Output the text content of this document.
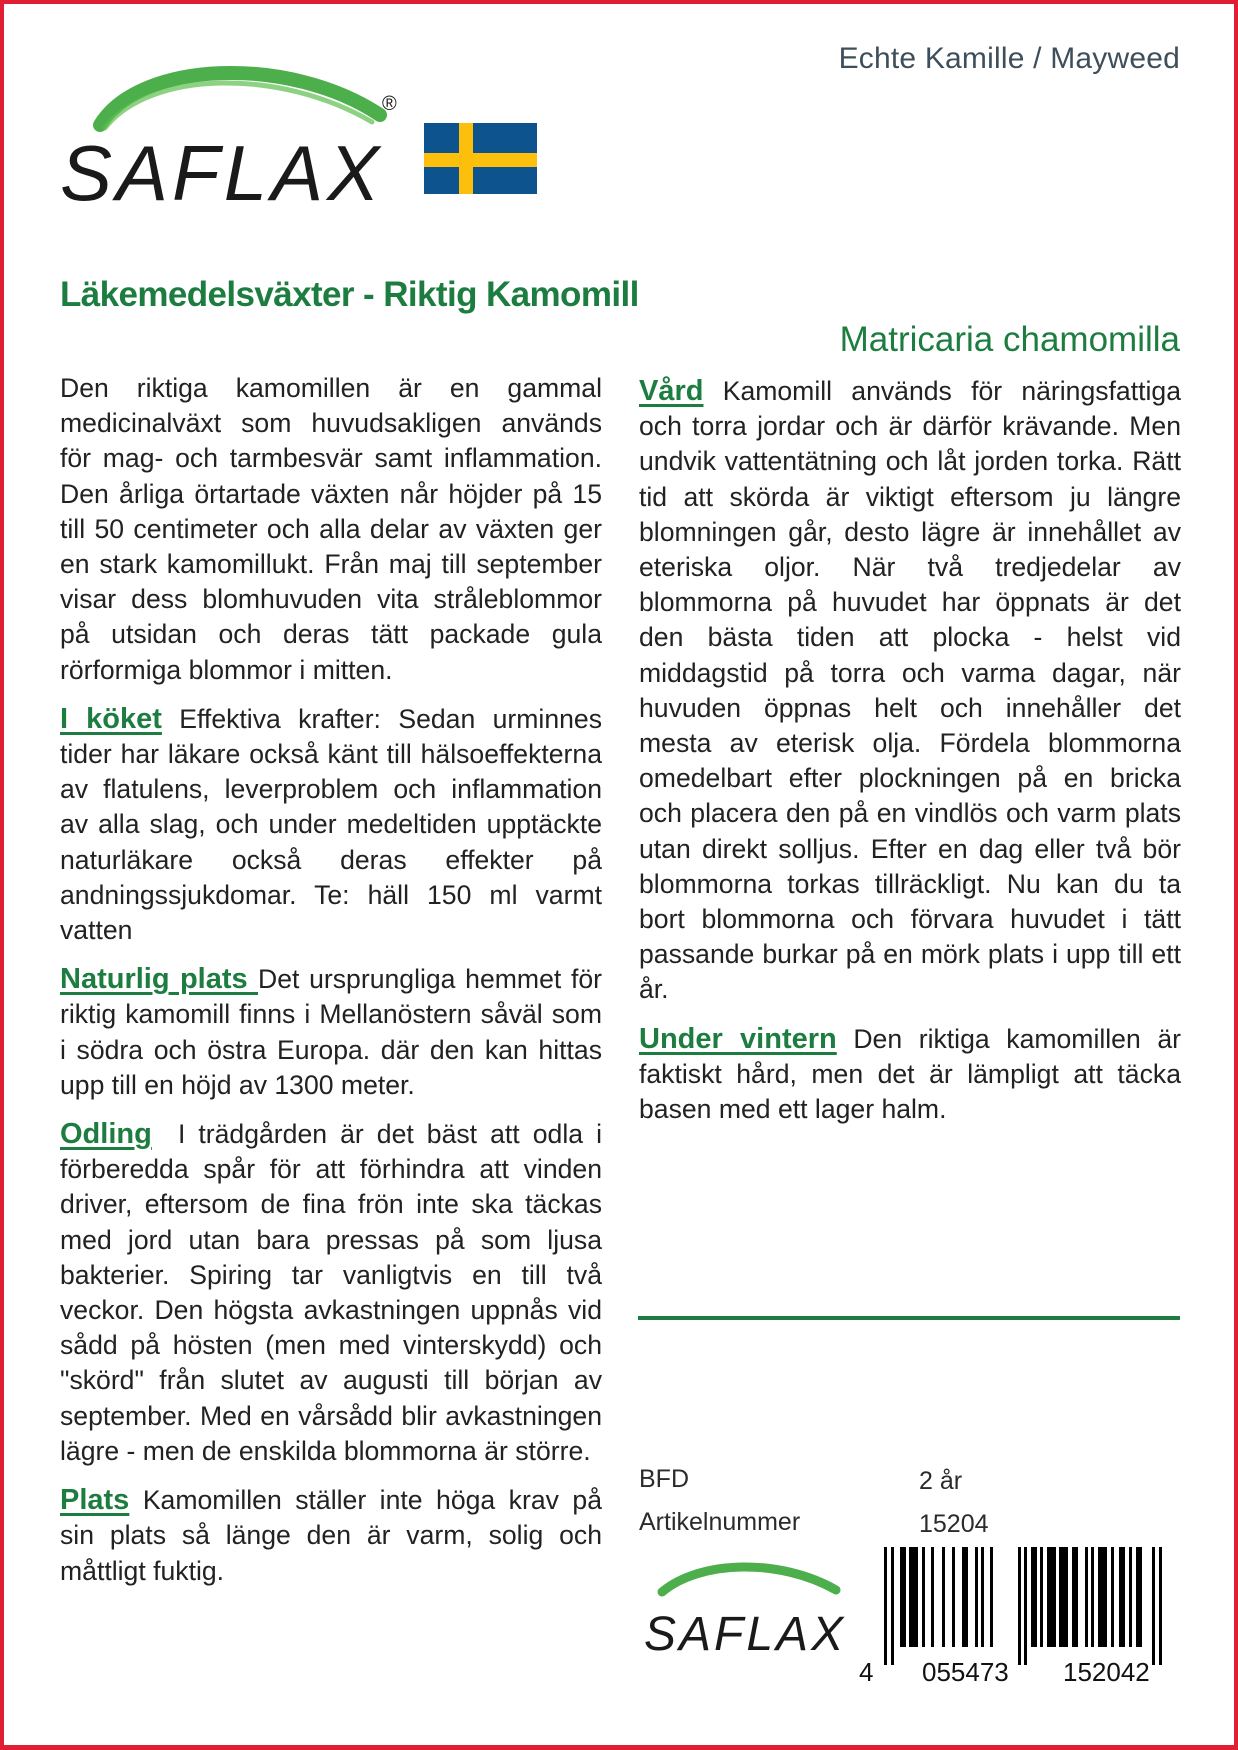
SAFLAX
®
Echte Kamille / Mayweed
Läkemedelsväxter - Riktig Kamomill
Matricaria chamomilla

Den riktiga kamomillen är en gammal medicinalväxt som huvudsakligen används för mag- och tarmbesvär samt inflammation. Den årliga örtartade växten når höjder på 15 till 50 centimeter och alla delar av växten ger en stark kamomillukt. Från maj till september visar dess blomhuvuden vita stråleblommor på utsidan och deras tätt packade gula rörformiga blommor i mitten.

I köket Effektiva krafter: Sedan urminnes tider har läkare också känt till hälsoeffekterna av flatulens, leverproblem och inflammation av alla slag, och under medeltiden upptäckte naturläkare också deras effekter på andningssjukdomar. Te: häll 150 ml varmt vatten

Naturlig plats Det ursprungliga hemmet för riktig kamomill finns i Mellanöstern såväl som i södra och östra Europa. där den kan hittas upp till en höjd av 1300 meter.

Odling  I trädgården är det bäst att odla i förberedda spår för att förhindra att vinden driver, eftersom de fina frön inte ska täckas med jord utan bara pressas på som ljusa bakterier. Spiring tar vanligtvis en till två veckor. Den högsta avkastningen uppnås vid sådd på hösten (men med vinterskydd) och "skörd" från slutet av augusti till början av september. Med en vårsådd blir avkastningen lägre - men de enskilda blommorna är större.

Plats Kamomillen ställer inte höga krav på sin plats så länge den är varm, solig och måttligt fuktig.

Vård Kamomill används för näringsfattiga och torra jordar och är därför krävande. Men undvik vattentätning och låt jorden torka. Rätt tid att skörda är viktigt eftersom ju längre blomningen går, desto lägre är innehållet av eteriska oljor. När två tredjedelar av blommorna på huvudet har öppnats är det den bästa tiden att plocka - helst vid middagstid på torra och varma dagar, när huvuden öppnas helt och innehåller det mesta av eterisk olja. Fördela blommorna omedelbart efter plockningen på en bricka och placera den på en vindlös och varm plats utan direkt solljus. Efter en dag eller två bör blommorna torkas tillräckligt. Nu kan du ta bort blommorna och förvara huvudet i tätt passande burkar på en mörk plats i upp till ett år.

Under vintern Den riktiga kamomillen är faktiskt hård, men det är lämpligt att täcka basen med ett lager halm.

BFD	2 år
Artikelnummer	15204
SAFLAX
4 055473 152042
